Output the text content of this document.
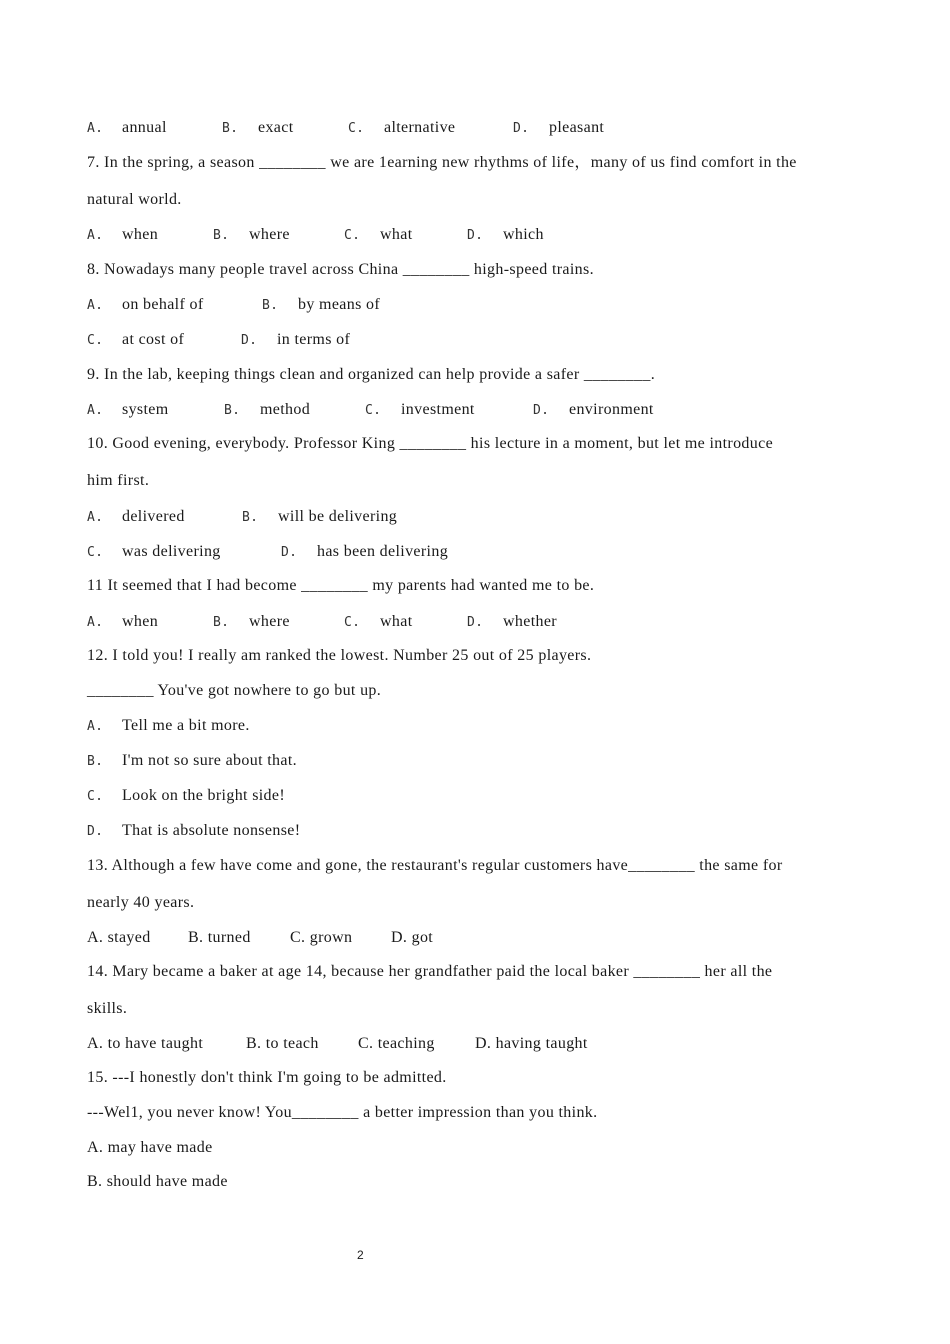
A. annual	B. exact	C. alternative	D. pleasant
7. In the spring, a season ________ we are 1earning new rhythms of life，many of us find comfort in the
natural world.
A. when	B. where	C. what	D. which
8. Nowadays many people travel across China ________ high-speed trains.
A. on behalf of	B. by means of
C. at cost of	D. in terms of
9. In the lab, keeping things clean and organized can help provide a safer ________.
A. system	B. method	C. investment	D. environment
10. Good evening, everybody. Professor King ________ his lecture in a moment, but let me introduce
him first.
A. delivered	B. will be delivering
C. was delivering	D. has been delivering
11 It seemed that I had become ________ my parents had wanted me to be.
A. when	B. where	C. what	D. whether
12. I told you! I really am ranked the lowest. Number 25 out of 25 players.
________ You've got nowhere to go but up.
A. Tell me a bit more.
B. I'm not so sure about that.
C. Look on the bright side!
D. That is absolute nonsense!
13. Although a few have come and gone, the restaurant's regular customers have________ the same for
nearly 40 years.
A. stayed B. turned C. grown D. got
14. Mary became a baker at age 14, because her grandfather paid the local baker ________ her all the
skills.
A. to have taught	B. to teach C. teaching	D. having taught
15. ---I honestly don't think I'm going to be admitted.
---Wel1, you never know! You________ a better impression than you think.
A. may have made
B. should have made
2
